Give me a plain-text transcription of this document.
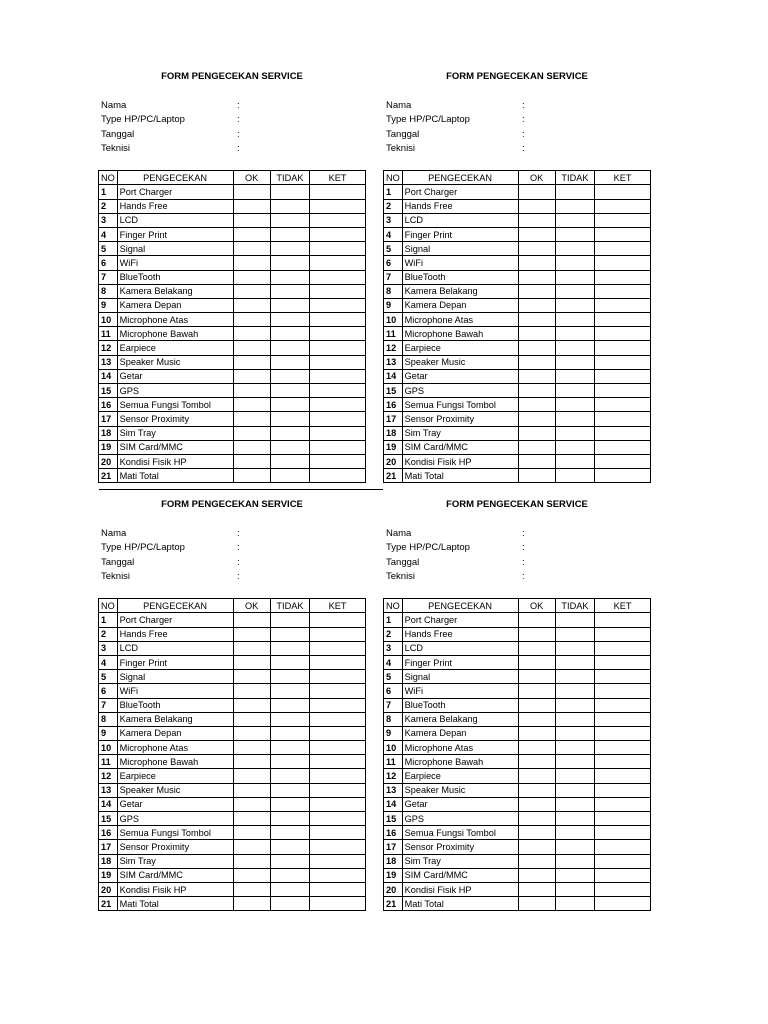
FORM PENGECEKAN SERVICE
Nama	:
Type HP/PC/Laptop	:
Tanggal	:
Teknisi	:
NO	PENGECEKAN	OK	TIDAK	KET
1	Port Charger			
2	Hands Free			
3	LCD			
4	Finger Print			
5	Signal			
6	WiFi			
7	BlueTooth			
8	Kamera Belakang			
9	Kamera Depan			
10	Microphone Atas			
11	Microphone Bawah			
12	Earpiece			
13	Speaker Music			
14	Getar			
15	GPS			
16	Semua Fungsi Tombol			
17	Sensor Proximity			
18	Sim Tray			
19	SIM Card/MMC			
20	Kondisi Fisik HP			
21	Mati Total			
FORM PENGECEKAN SERVICE
Nama	:
Type HP/PC/Laptop	:
Tanggal	:
Teknisi	:
NO	PENGECEKAN	OK	TIDAK	KET
1	Port Charger			
2	Hands Free			
3	LCD			
4	Finger Print			
5	Signal			
6	WiFi			
7	BlueTooth			
8	Kamera Belakang			
9	Kamera Depan			
10	Microphone Atas			
11	Microphone Bawah			
12	Earpiece			
13	Speaker Music			
14	Getar			
15	GPS			
16	Semua Fungsi Tombol			
17	Sensor Proximity			
18	Sim Tray			
19	SIM Card/MMC			
20	Kondisi Fisik HP			
21	Mati Total			
FORM PENGECEKAN SERVICE
Nama	:
Type HP/PC/Laptop	:
Tanggal	:
Teknisi	:
NO	PENGECEKAN	OK	TIDAK	KET
1	Port Charger			
2	Hands Free			
3	LCD			
4	Finger Print			
5	Signal			
6	WiFi			
7	BlueTooth			
8	Kamera Belakang			
9	Kamera Depan			
10	Microphone Atas			
11	Microphone Bawah			
12	Earpiece			
13	Speaker Music			
14	Getar			
15	GPS			
16	Semua Fungsi Tombol			
17	Sensor Proximity			
18	Sim Tray			
19	SIM Card/MMC			
20	Kondisi Fisik HP			
21	Mati Total			
FORM PENGECEKAN SERVICE
Nama	:
Type HP/PC/Laptop	:
Tanggal	:
Teknisi	:
NO	PENGECEKAN	OK	TIDAK	KET
1	Port Charger			
2	Hands Free			
3	LCD			
4	Finger Print			
5	Signal			
6	WiFi			
7	BlueTooth			
8	Kamera Belakang			
9	Kamera Depan			
10	Microphone Atas			
11	Microphone Bawah			
12	Earpiece			
13	Speaker Music			
14	Getar			
15	GPS			
16	Semua Fungsi Tombol			
17	Sensor Proximity			
18	Sim Tray			
19	SIM Card/MMC			
20	Kondisi Fisik HP			
21	Mati Total			
